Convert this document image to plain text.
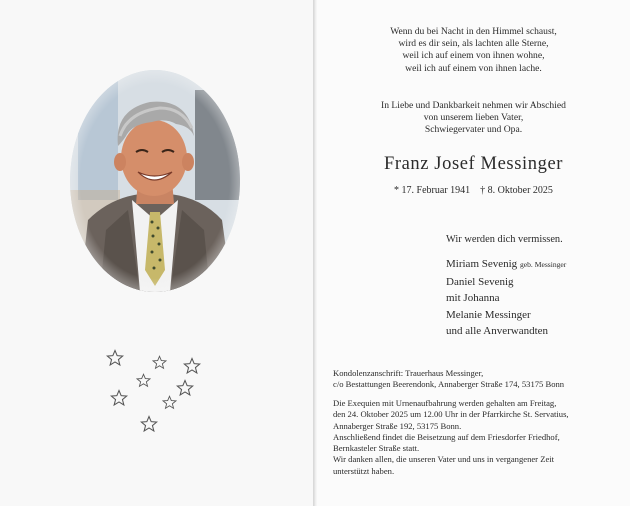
Wenn du bei Nacht in den Himmel schaust,
wird es dir sein, als lachten alle Sterne,
weil ich auf einem von ihnen wohne,
weil ich auf einem von ihnen lache.
In Liebe und Dankbarkeit nehmen wir Abschied
von unserem lieben Vater,
Schwiegervater und Opa.
Franz Josef Messinger
* 17. Februar 1941 † 8. Oktober 2025
Wir werden dich vermissen.
Miriam Sevenig geb. Messinger
Daniel Sevenig
mit Johanna
Melanie Messinger
und alle Anverwandten
Kondolenzanschrift: Trauerhaus Messinger,
c/o Bestattungen Beerendonk, Annaberger Straße 174, 53175 Bonn
Die Exequien mit Urnenaufbahrung werden gehalten am Freitag,
den 24. Oktober 2025 um 12.00 Uhr in der Pfarrkirche St. Servatius,
Annaberger Straße 192, 53175 Bonn.
Anschließend findet die Beisetzung auf dem Friesdorfer Friedhof,
Bernkasteler Straße statt.
Wir danken allen, die unseren Vater und uns in vergangener Zeit
unterstützt haben.
